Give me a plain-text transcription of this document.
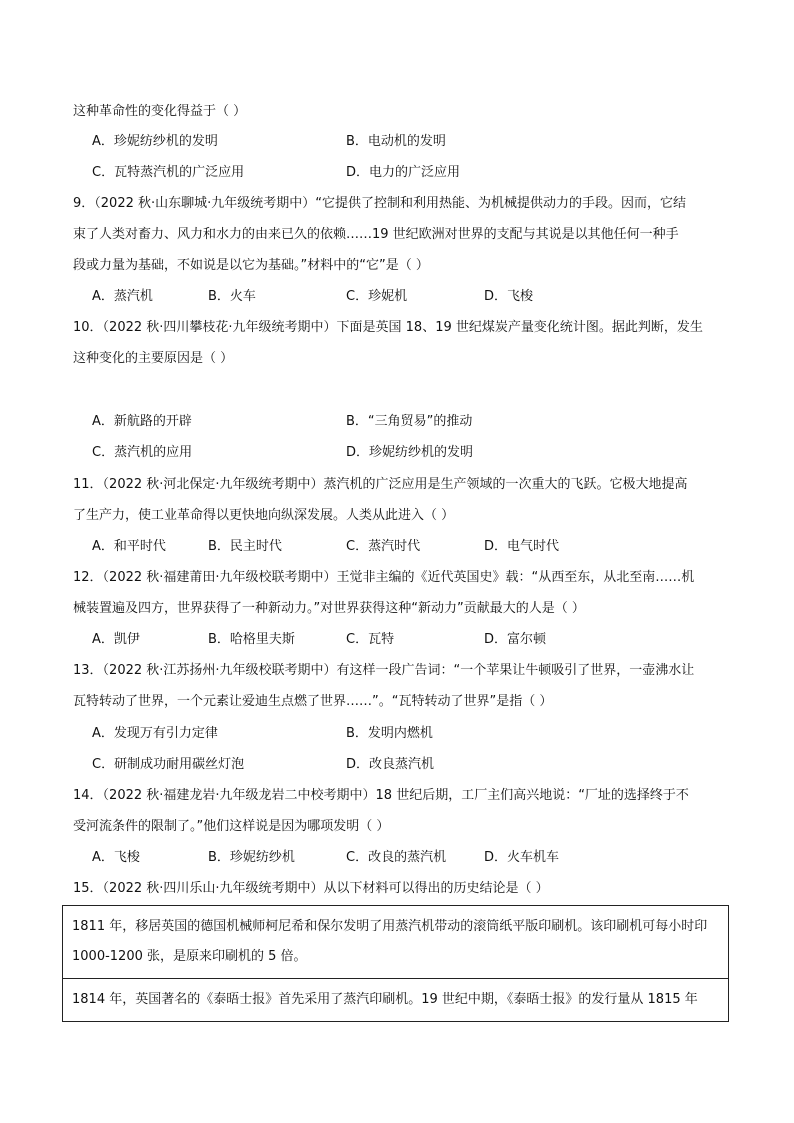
这种革命性的变化得益于（ ）
A．珍妮纺纱机的发明	B．电动机的发明
C．瓦特蒸汽机的广泛应用	D．电力的广泛应用
9．（2022 秋·山东聊城·九年级统考期中）“它提供了控制和利用热能、为机械提供动力的手段。因而，它结
束了人类对畜力、风力和水力的由来已久的依赖……19 世纪欧洲对世界的支配与其说是以其他任何一种手
段或力量为基础，不如说是以它为基础。”材料中的“它”是（ ）
A．蒸汽机	B．火车	C．珍妮机	D．飞梭
10．（2022 秋·四川攀枝花·九年级统考期中）下面是英国 18、19 世纪煤炭产量变化统计图。据此判断，发生
这种变化的主要原因是（ ）
A．新航路的开辟	B．“三角贸易”的推动
C．蒸汽机的应用	D．珍妮纺纱机的发明
11．（2022 秋·河北保定·九年级统考期中）蒸汽机的广泛应用是生产领域的一次重大的飞跃。它极大地提高
了生产力，使工业革命得以更快地向纵深发展。人类从此进入（ ）
A．和平时代	B．民主时代	C．蒸汽时代	D．电气时代
12．（2022 秋·福建莆田·九年级校联考期中）王觉非主编的《近代英国史》载：“从西至东，从北至南……机
械装置遍及四方，世界获得了一种新动力。”对世界获得这种“新动力”贡献最大的人是（ ）
A．凯伊	B．哈格里夫斯	C．瓦特	D．富尔顿
13．（2022 秋·江苏扬州·九年级校联考期中）有这样一段广告词：“一个苹果让牛顿吸引了世界，一壶沸水让
瓦特转动了世界，一个元素让爱迪生点燃了世界……”。“瓦特转动了世界”是指（ ）
A．发现万有引力定律	B．发明内燃机
C．研制成功耐用碳丝灯泡	D．改良蒸汽机
14．（2022 秋·福建龙岩·九年级龙岩二中校考期中）18 世纪后期，工厂主们高兴地说：“厂址的选择终于不
受河流条件的限制了。”他们这样说是因为哪项发明（ ）
A．飞梭	B．珍妮纺纱机	C．改良的蒸汽机	D．火车机车
15．（2022 秋·四川乐山·九年级统考期中）从以下材料可以得出的历史结论是（ ）
1811 年，移居英国的德国机械师柯尼希和保尔发明了用蒸汽机带动的滚筒纸平版印刷机。该印刷机可每小时印 1000-1200 张，是原来印刷机的 5 倍。
1814 年，英国著名的《泰晤士报》首先采用了蒸汽印刷机。19 世纪中期，《泰晤士报》的发行量从 1815 年
